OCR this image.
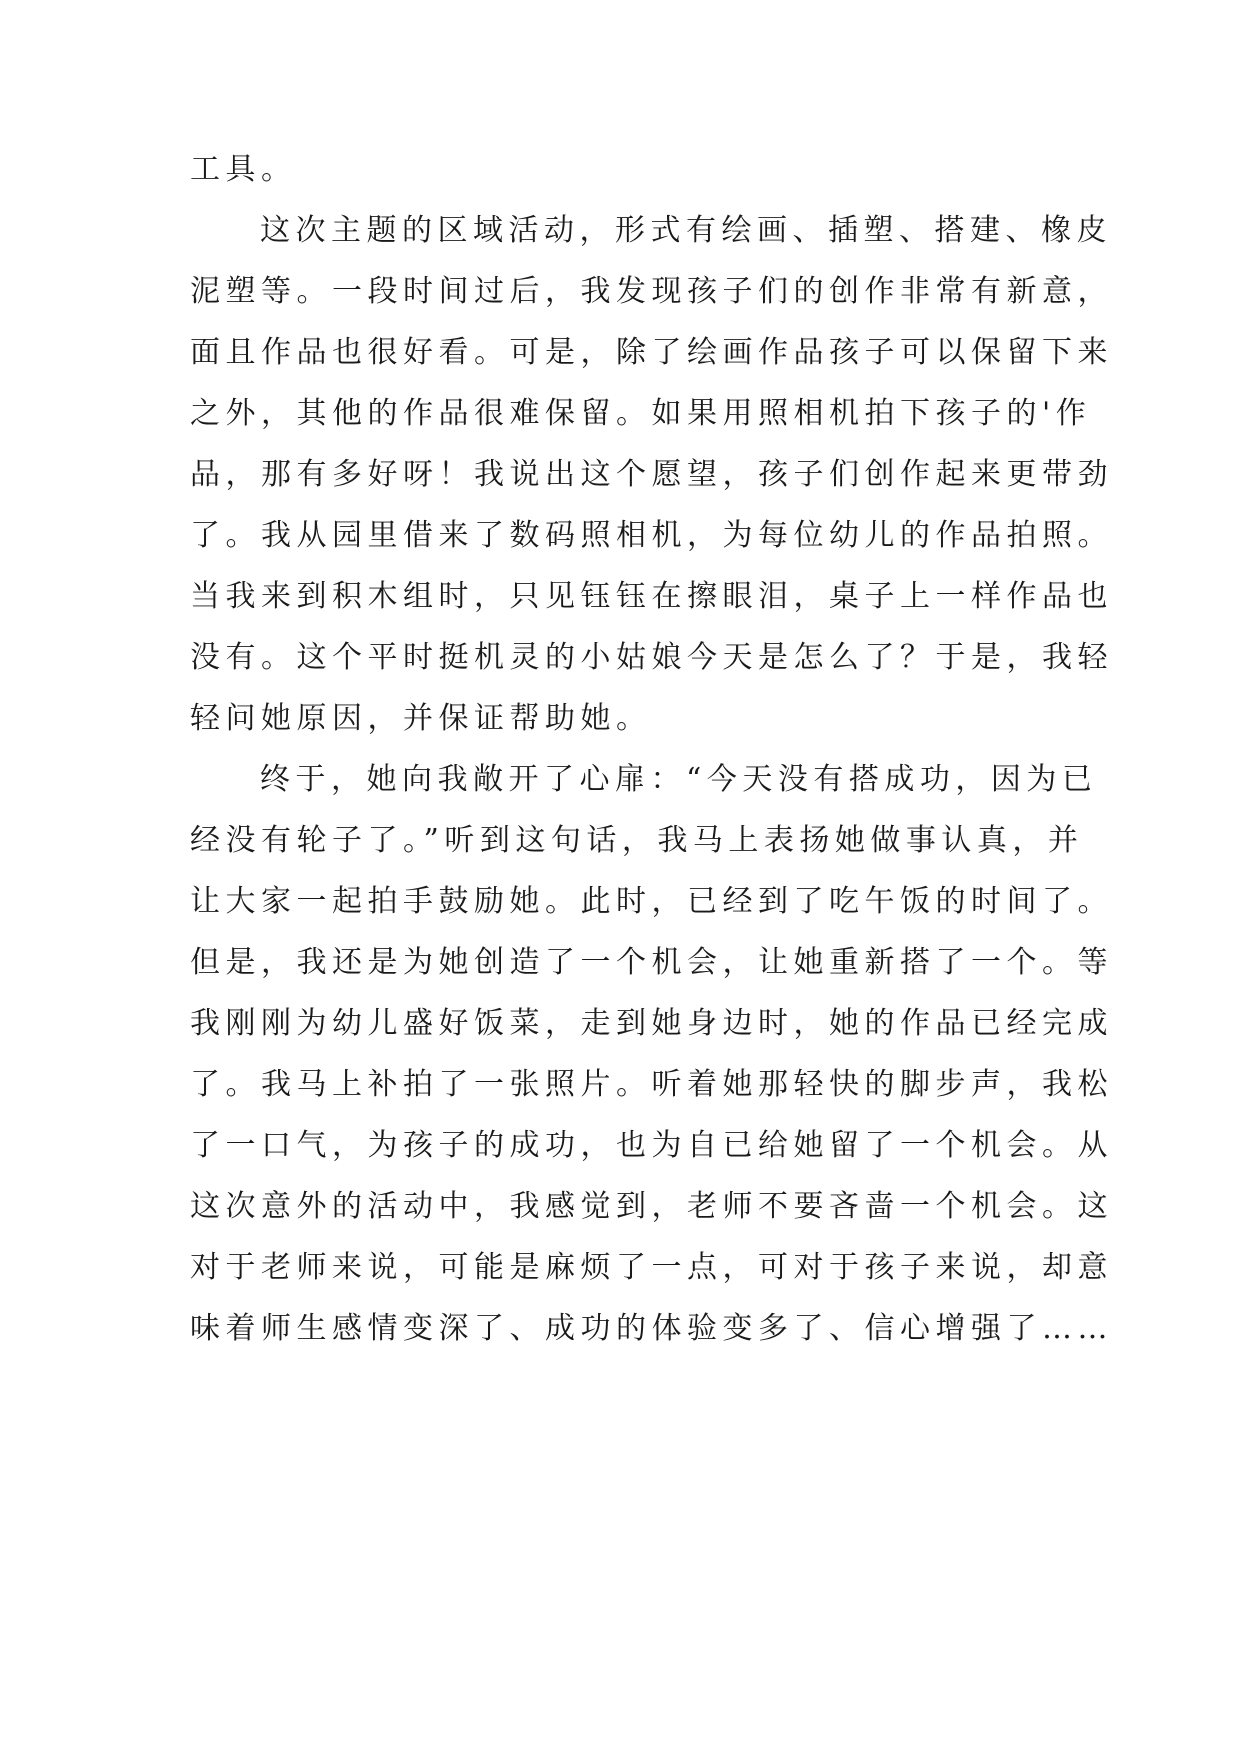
工具。
这次主题的区域活动，形式有绘画、插塑、搭建、橡皮
泥塑等。一段时间过后，我发现孩子们的创作非常有新意，
面且作品也很好看。可是，除了绘画作品孩子可以保留下来
之外，其他的作品很难保留。如果用照相机拍下孩子的'作
品，那有多好呀！我说出这个愿望，孩子们创作起来更带劲
了。我从园里借来了数码照相机，为每位幼儿的作品拍照。
当我来到积木组时，只见钰钰在擦眼泪，桌子上一样作品也
没有。这个平时挺机灵的小姑娘今天是怎么了？于是，我轻
轻问她原因，并保证帮助她。
终于，她向我敞开了心扉：“今天没有搭成功，因为已
经没有轮子了。”听到这句话，我马上表扬她做事认真，并
让大家一起拍手鼓励她。此时，已经到了吃午饭的时间了。
但是，我还是为她创造了一个机会，让她重新搭了一个。等
我刚刚为幼儿盛好饭菜，走到她身边时，她的作品已经完成
了。我马上补拍了一张照片。听着她那轻快的脚步声，我松
了一口气，为孩子的成功，也为自已给她留了一个机会。从
这次意外的活动中，我感觉到，老师不要吝啬一个机会。这
对于老师来说，可能是麻烦了一点，可对于孩子来说，却意
味着师生感情变深了、成功的体验变多了、信心增强了……
